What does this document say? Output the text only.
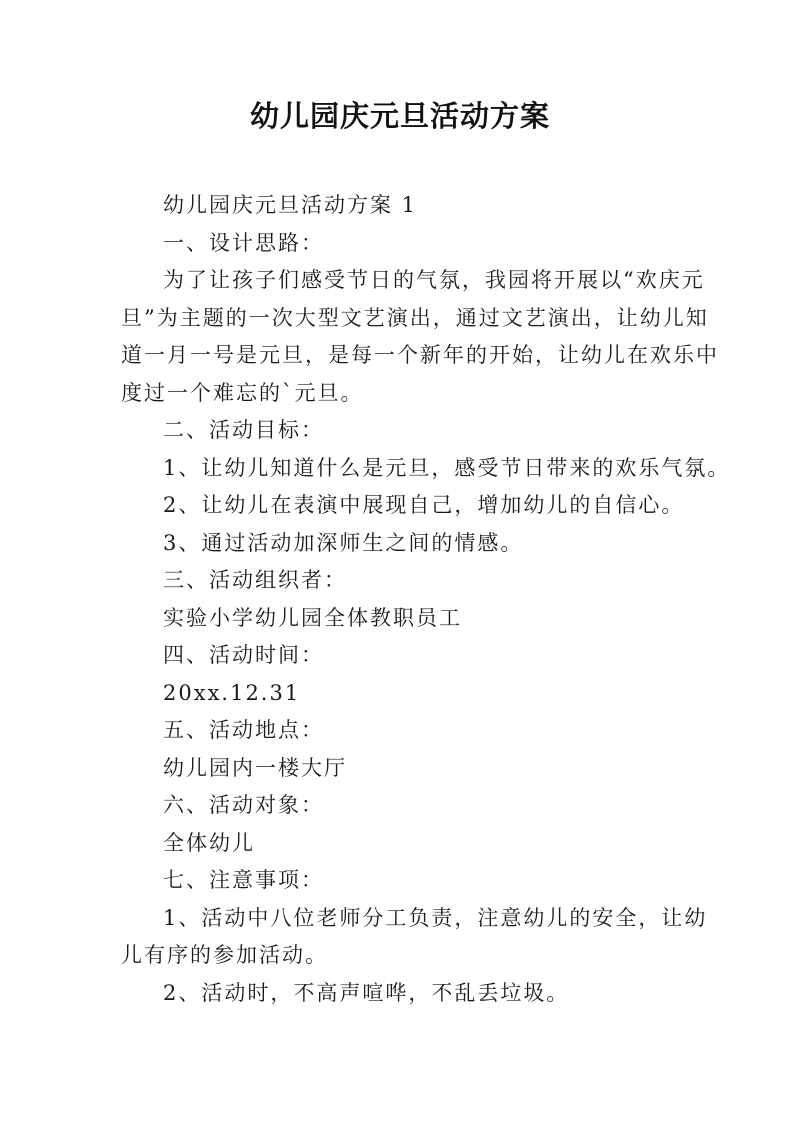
幼儿园庆元旦活动方案
幼儿园庆元旦活动方案 1
一、设计思路：
为了让孩子们感受节日的气氛，我园将开展以“欢庆元
旦”为主题的一次大型文艺演出，通过文艺演出，让幼儿知
道一月一号是元旦，是每一个新年的开始，让幼儿在欢乐中
度过一个难忘的`元旦。
二、活动目标：
1、让幼儿知道什么是元旦，感受节日带来的欢乐气氛。
2、让幼儿在表演中展现自己，增加幼儿的自信心。
3、通过活动加深师生之间的情感。
三、活动组织者：
实验小学幼儿园全体教职员工
四、活动时间：
20xx.12.31
五、活动地点：
幼儿园内一楼大厅
六、活动对象：
全体幼儿
七、注意事项：
1、活动中八位老师分工负责，注意幼儿的安全，让幼
儿有序的参加活动。
2、活动时，不高声喧哗，不乱丢垃圾。
